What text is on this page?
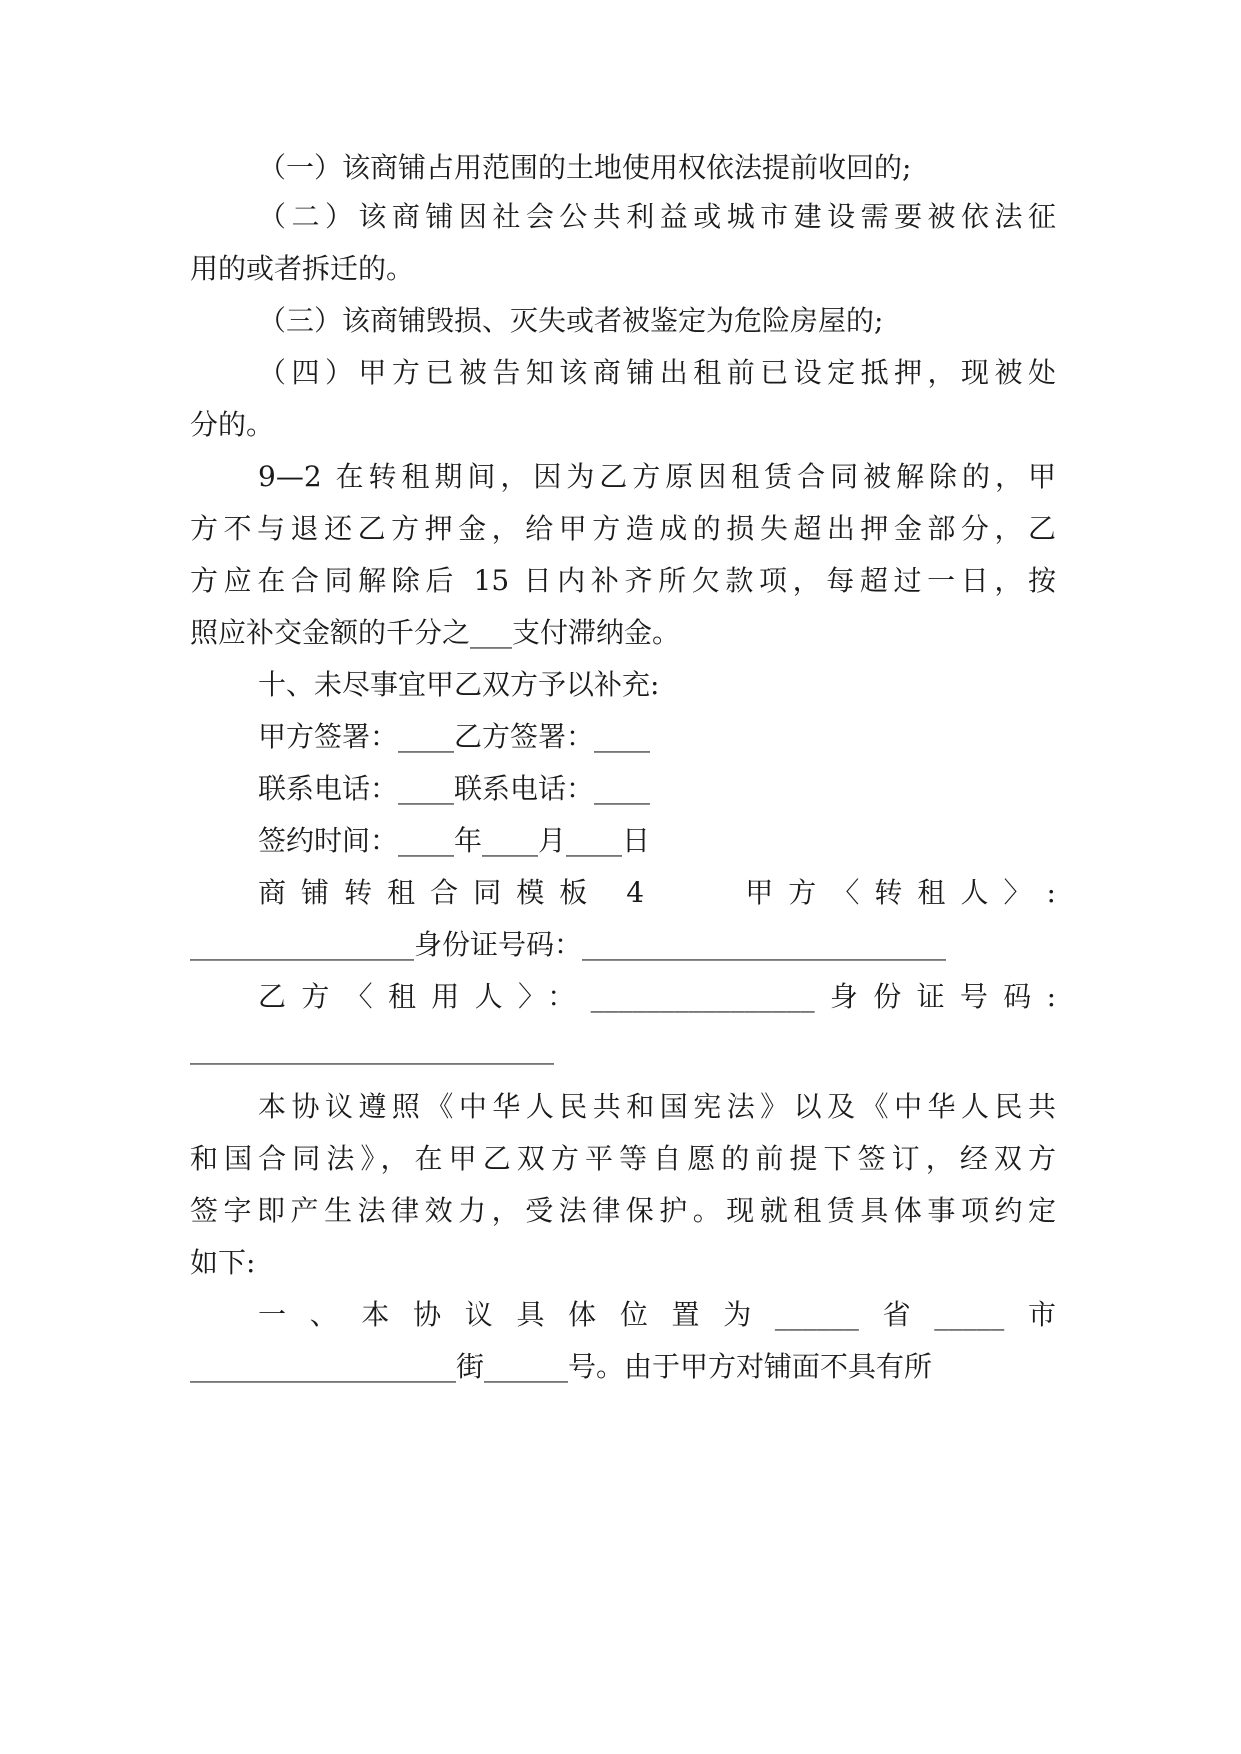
（一）该商铺占用范围的土地使用权依法提前收回的;
（二）该商铺因社会公共利益或城市建设需要被依法征
用的或者拆迁的。
（三）该商铺毁损、灭失或者被鉴定为危险房屋的;
（四）甲方已被告知该商铺出租前已设定抵押，现被处
分的。
9—2 在转租期间，因为乙方原因租赁合同被解除的，甲
方不与退还乙方押金，给甲方造成的损失超出押金部分，乙
方应在合同解除后 15 日内补齐所欠款项，每超过一日，按
照应补交金额的千分之___支付滞纳金。
十、未尽事宜甲乙双方予以补充:
甲方签署：____乙方签署：____
联系电话：____联系电话：____
签约时间：____年____月____日
商铺转租合同模板 4　　甲方〈转租人〉:
________________身份证号码：__________________________
乙方〈租用人〉：________________身份证号码:
__________________________
本协议遵照《中华人民共和国宪法》以及《中华人民共
和国合同法》，在甲乙双方平等自愿的前提下签订，经双方
签字即产生法律效力，受法律保护。现就租赁具体事项约定
如下:
一、本协议具体位置为______省_____市
___________________街______号。由于甲方对铺面不具有所
